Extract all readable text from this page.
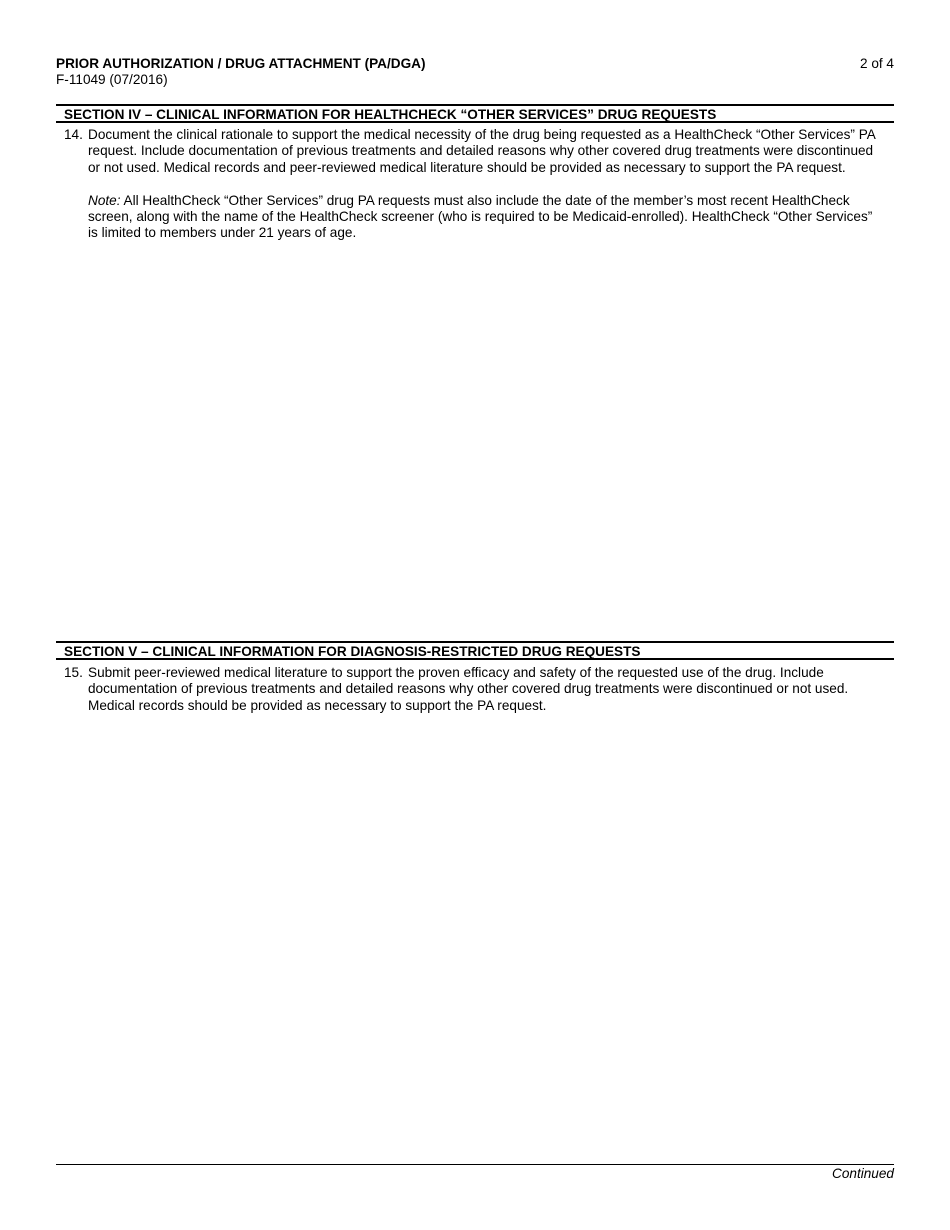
PRIOR AUTHORIZATION / DRUG ATTACHMENT (PA/DGA)
F-11049 (07/2016)
2 of 4
SECTION IV – CLINICAL INFORMATION FOR HEALTHCHECK “OTHER SERVICES” DRUG REQUESTS
14. Document the clinical rationale to support the medical necessity of the drug being requested as a HealthCheck “Other Services” PA request. Include documentation of previous treatments and detailed reasons why other covered drug treatments were discontinued or not used. Medical records and peer-reviewed medical literature should be provided as necessary to support the PA request.

Note: All HealthCheck “Other Services” drug PA requests must also include the date of the member’s most recent HealthCheck screen, along with the name of the HealthCheck screener (who is required to be Medicaid-enrolled). HealthCheck “Other Services” is limited to members under 21 years of age.

SECTION V – CLINICAL INFORMATION FOR DIAGNOSIS-RESTRICTED DRUG REQUESTS
15. Submit peer-reviewed medical literature to support the proven efficacy and safety of the requested use of the drug. Include documentation of previous treatments and detailed reasons why other covered drug treatments were discontinued or not used. Medical records should be provided as necessary to support the PA request.

Continued
